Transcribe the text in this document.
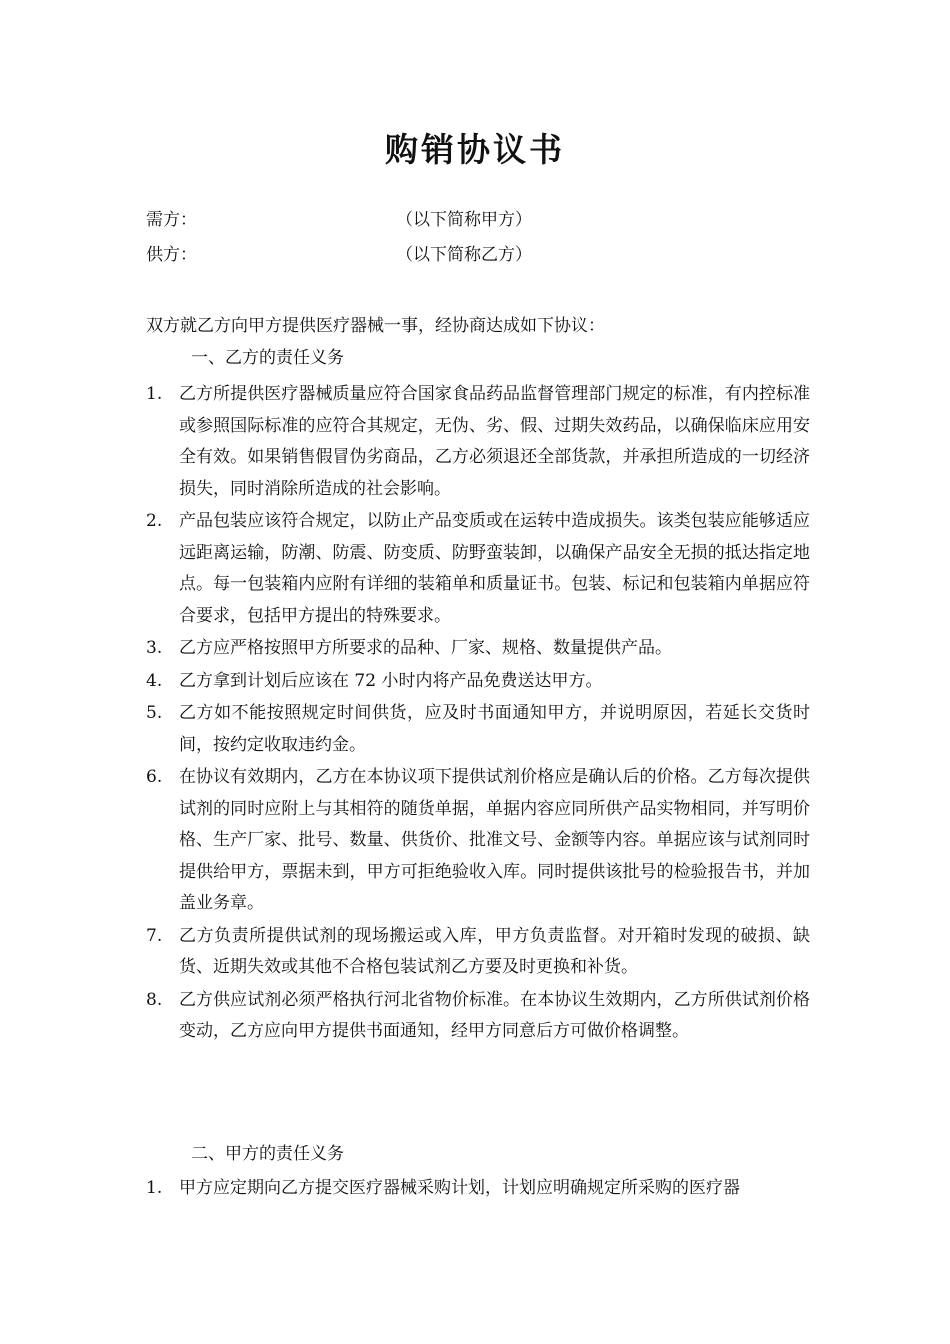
购销协议书
需方：	（以下简称甲方）
供方：	（以下简称乙方）
双方就乙方向甲方提供医疗器械一事，经协商达成如下协议：
一、乙方的责任义务
1. 乙方所提供医疗器械质量应符合国家食品药品监督管理部门规定的标准，有内控标准或参照国际标准的应符合其规定，无伪、劣、假、过期失效药品，以确保临床应用安全有效。如果销售假冒伪劣商品，乙方必须退还全部货款，并承担所造成的一切经济损失，同时消除所造成的社会影响。
2. 产品包装应该符合规定，以防止产品变质或在运转中造成损失。该类包装应能够适应远距离运输，防潮、防震、防变质、防野蛮装卸，以确保产品安全无损的抵达指定地点。每一包装箱内应附有详细的装箱单和质量证书。包装、标记和包装箱内单据应符合要求，包括甲方提出的特殊要求。
3. 乙方应严格按照甲方所要求的品种、厂家、规格、数量提供产品。
4. 乙方拿到计划后应该在 72 小时内将产品免费送达甲方。
5. 乙方如不能按照规定时间供货，应及时书面通知甲方，并说明原因，若延长交货时间，按约定收取违约金。
6. 在协议有效期内，乙方在本协议项下提供试剂价格应是确认后的价格。乙方每次提供试剂的同时应附上与其相符的随货单据，单据内容应同所供产品实物相同，并写明价格、生产厂家、批号、数量、供货价、批准文号、金额等内容。单据应该与试剂同时提供给甲方，票据未到，甲方可拒绝验收入库。同时提供该批号的检验报告书，并加盖业务章。
7. 乙方负责所提供试剂的现场搬运或入库，甲方负责监督。对开箱时发现的破损、缺货、近期失效或其他不合格包装试剂乙方要及时更换和补货。
8. 乙方供应试剂必须严格执行河北省物价标准。在本协议生效期内，乙方所供试剂价格变动，乙方应向甲方提供书面通知，经甲方同意后方可做价格调整。
二、甲方的责任义务
1. 甲方应定期向乙方提交医疗器械采购计划，计划应明确规定所采购的医疗器
